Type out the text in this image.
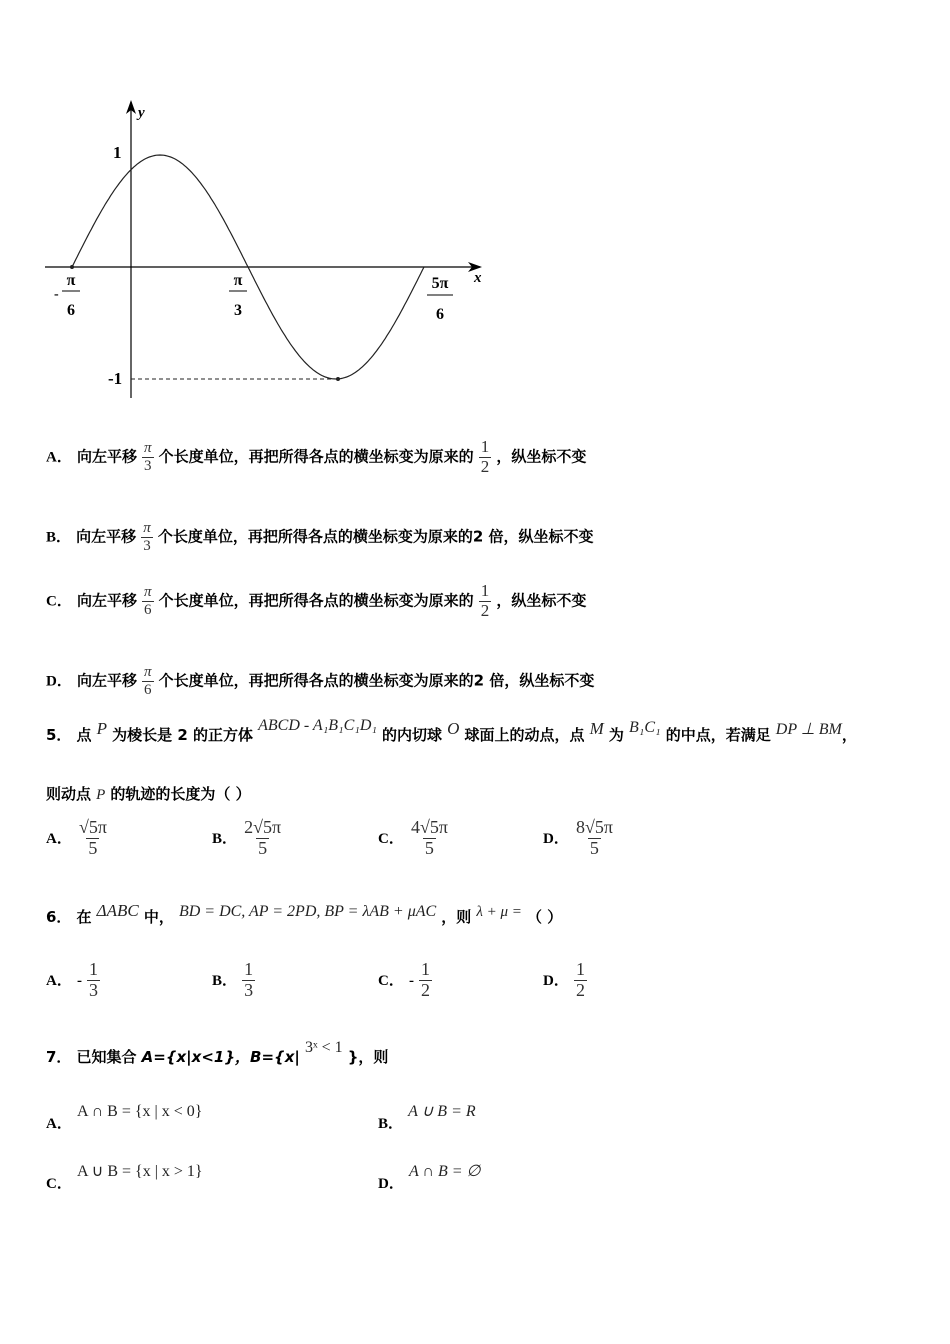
y
x
1
-1
-
π
6
π
3
5π
6
A． 向左平移 $\frac{\pi}{3}$ 个长度单位，再把所得各点的横坐标变为原来的 $\frac{1}{2}$ ，纵坐标不变
B． 向左平移 $\frac{\pi}{3}$ 个长度单位，再把所得各点的横坐标变为原来的2 倍，纵坐标不变
C． 向左平移 $\frac{\pi}{6}$ 个长度单位，再把所得各点的横坐标变为原来的 $\frac{1}{2}$ ，纵坐标不变
D． 向左平移 $\frac{\pi}{6}$ 个长度单位，再把所得各点的横坐标变为原来的2 倍，纵坐标不变
5． 点 P 为棱长是 2 的正方体 ABCD - A₁B₁C₁D₁ 的内切球 O 球面上的动点，点 M 为 B₁C₁ 的中点，若满足 DP ⊥ BM，
则动点 P 的轨迹的长度为（ ）
A． $\frac{√5\pi}{5}$	B． $\frac{2√5\pi}{5}$	C． $\frac{4√5\pi}{5}$	D． $\frac{8√5\pi}{5}$
6． 在 ΔABC 中， BD = DC, AP = 2PD, BP = λAB + μAC ，则 λ + μ = （ ）
A． - $\frac{1}{3}$	B． $\frac{1}{3}$	C． - $\frac{1}{2}$	D． $\frac{1}{2}$
7． 已知集合 A={x|x<1}，B={x| 3ˣ < 1 }，则
A． A ∩ B = {x | x < 0}
B． A ∪ B = R
C． A ∪ B = {x | x > 1}
D． A ∩ B = ∅
